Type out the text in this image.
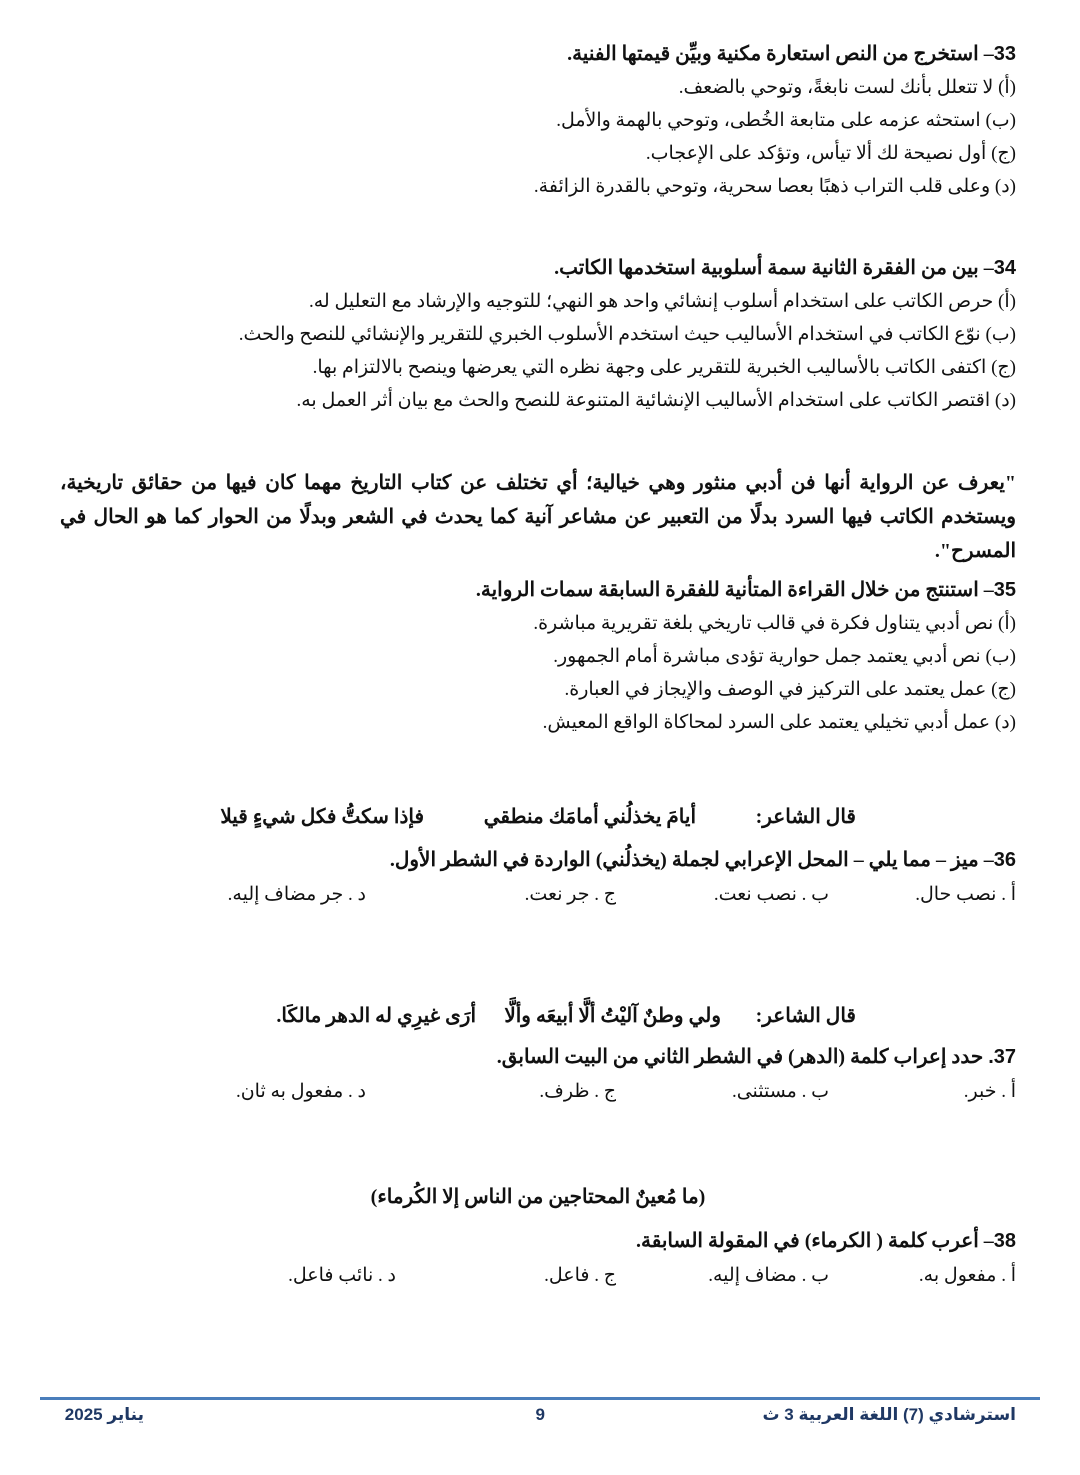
33– استخرج من النص استعارة مكنية وبيِّن قيمتها الفنية.

(أ) لا تتعلل بأنك لست نابغةً، وتوحي بالضعف.

(ب) استحثه عزمه على متابعة الخُطى، وتوحي بالهمة والأمل.

(ج) أول نصيحة لك ألا تيأس، وتؤكد على الإعجاب.

(د) وعلى قلب التراب ذهبًا بعصا سحرية، وتوحي بالقدرة الزائفة.

34– بين من الفقرة الثانية سمة أسلوبية استخدمها الكاتب.

(أ) حرص الكاتب على استخدام أسلوب إنشائي واحد هو النهي؛ للتوجيه والإرشاد مع التعليل له.

(ب) نوّع الكاتب في استخدام الأساليب حيث استخدم الأسلوب الخبري للتقرير والإنشائي للنصح والحث.

(ج) اكتفى الكاتب بالأساليب الخبرية للتقرير على وجهة نظره التي يعرضها وينصح بالالتزام بها.

(د) اقتصر الكاتب على استخدام الأساليب الإنشائية المتنوعة للنصح والحث مع بيان أثر العمل به.

"يعرف عن الرواية أنها فن أدبي منثور وهي خيالية؛ أي تختلف عن كتاب التاريخ مهما كان فيها من حقائق تاريخية، ويستخدم الكاتب فيها السرد بدلًا من التعبير عن مشاعر آنية كما يحدث في الشعر وبدلًا من الحوار كما هو الحال في المسرح".

35– استنتج من خلال القراءة المتأنية للفقرة السابقة سمات الرواية.

(أ) نص أدبي يتناول فكرة في قالب تاريخي بلغة تقريرية مباشرة.

(ب) نص أدبي يعتمد جمل حوارية تؤدى مباشرة أمام الجمهور.

(ج) عمل يعتمد على التركيز في الوصف والإيجاز في العبارة.

(د) عمل أدبي تخيلي يعتمد على السرد لمحاكاة الواقع المعيش.

قال الشاعر:
أيامَ يخذلُني أمامَك منطقي
فإذا سكتُّ فكل شيءٍ قيلا

36– ميز – مما يلي – المحل الإعرابي لجملة (يخذلُني) الواردة في الشطر الأول.

أ . نصب حال.
ب . نصب نعت.
ج . جر نعت.
د . جر مضاف إليه.
قال الشاعر:
ولي وطنٌ آليْتُ ألَّا أبيعَه وألَّا
أرَى غيرِي له الدهر مالكَا.

37. حدد إعراب كلمة (الدهر) في الشطر الثاني من البيت السابق.

أ . خبر.
ب . مستثنى.
ج . ظرف.
د . مفعول به ثان.

(ما مُعينٌ المحتاجين من الناس إلا الكُرماء)

38– أعرب كلمة ( الكرماء) في المقولة السابقة.

أ . مفعول به.
ب . مضاف إليه.
ج . فاعل.
د . نائب فاعل.
استرشادي (7) اللغة العربية 3 ث
9
يناير 2025
